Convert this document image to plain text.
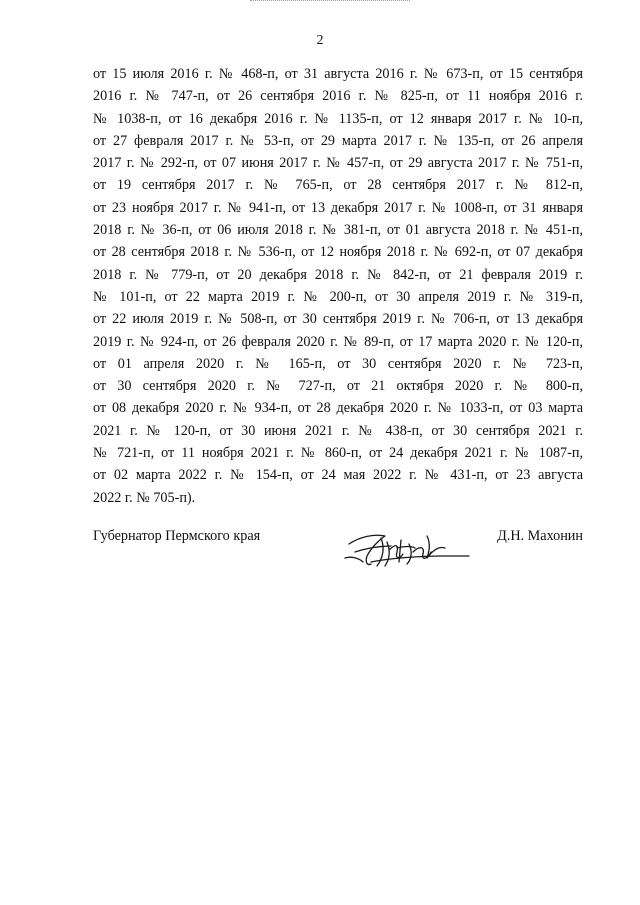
2
от 15 июля 2016 г. № 468-п, от 31 августа 2016 г. № 673-п, от 15 сентября
2016 г. № 747-п, от 26 сентября 2016 г. № 825-п, от 11 ноября 2016 г.
№ 1038-п, от 16 декабря 2016 г. № 1135-п, от 12 января 2017 г. № 10-п,
от 27 февраля 2017 г. № 53-п, от 29 марта 2017 г. № 135-п, от 26 апреля
2017 г. № 292-п, от 07 июня 2017 г. № 457-п, от 29 августа 2017 г. № 751-п,
от 19 сентября 2017 г. № 765-п, от 28 сентября 2017 г. № 812-п,
от 23 ноября 2017 г. № 941-п, от 13 декабря 2017 г. № 1008-п, от 31 января
2018 г. № 36-п, от 06 июля 2018 г. № 381-п, от 01 августа 2018 г. № 451-п,
от 28 сентября 2018 г. № 536-п, от 12 ноября 2018 г. № 692-п, от 07 декабря
2018 г. № 779-п, от 20 декабря 2018 г. № 842-п, от 21 февраля 2019 г.
№ 101-п, от 22 марта 2019 г. № 200-п, от 30 апреля 2019 г. № 319-п,
от 22 июля 2019 г. № 508-п, от 30 сентября 2019 г. № 706-п, от 13 декабря
2019 г. № 924-п, от 26 февраля 2020 г. № 89-п, от 17 марта 2020 г. № 120-п,
от 01 апреля 2020 г. № 165-п, от 30 сентября 2020 г. № 723-п,
от 30 сентября 2020 г. № 727-п, от 21 октября 2020 г. № 800-п,
от 08 декабря 2020 г. № 934-п, от 28 декабря 2020 г. № 1033-п, от 03 марта
2021 г. № 120-п, от 30 июня 2021 г. № 438-п, от 30 сентября 2021 г.
№ 721-п, от 11 ноября 2021 г. № 860-п, от 24 декабря 2021 г. № 1087-п,
от 02 марта 2022 г. № 154-п, от 24 мая 2022 г. № 431-п, от 23 августа
2022 г. № 705-п).
Губернатор Пермского края	Д.Н. Махонин
